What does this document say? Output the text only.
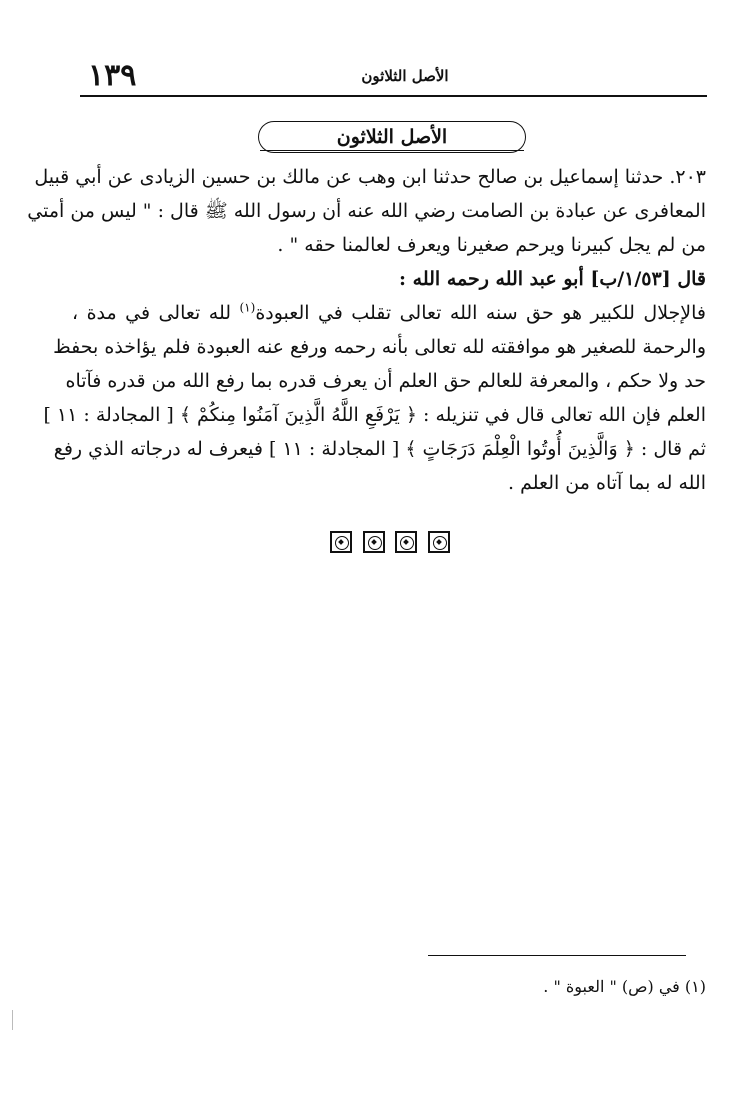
١٣٩	الأصل الثلاثون
الأصل الثلاثون
٢٠٣. حدثنا إسماعيل بن صالح حدثنا ابن وهب عن مالك بن حسين الزيادى عن أبي قبيل
المعافرى عن عبادة بن الصامت رضي الله عنه أن رسول الله ﷺ قال : " ليس من أمتي
من لم يجل كبيرنا ويرحم صغيرنا ويعرف لعالمنا حقه " .
قال [١/٥٣/ب] أبو عبد الله رحمه الله :
فالإجلال للكبير هو حق سنه الله تعالى تقلب في العبودة$^{(١)}$ لله تعالى في مدة ،
والرحمة للصغير هو موافقته لله تعالى بأنه رحمه ورفع عنه العبودة فلم يؤاخذه بحفظ
حد ولا حكم ، والمعرفة للعالم حق العلم أن يعرف قدره بما رفع الله من قدره فآتاه
العلم فإن الله تعالى قال في تنزيله : ﴿ يَرْفَعِ اللَّهُ الَّذِينَ آمَنُوا مِنكُمْ ﴾ [ المجادلة : ١١ ]
ثم قال : ﴿ وَالَّذِينَ أُوتُوا الْعِلْمَ دَرَجَاتٍ ﴾ [ المجادلة : ١١ ] فيعرف له درجاته الذي رفع
الله له بما آتاه من العلم .
(١) في (ص) " العبوة " .
